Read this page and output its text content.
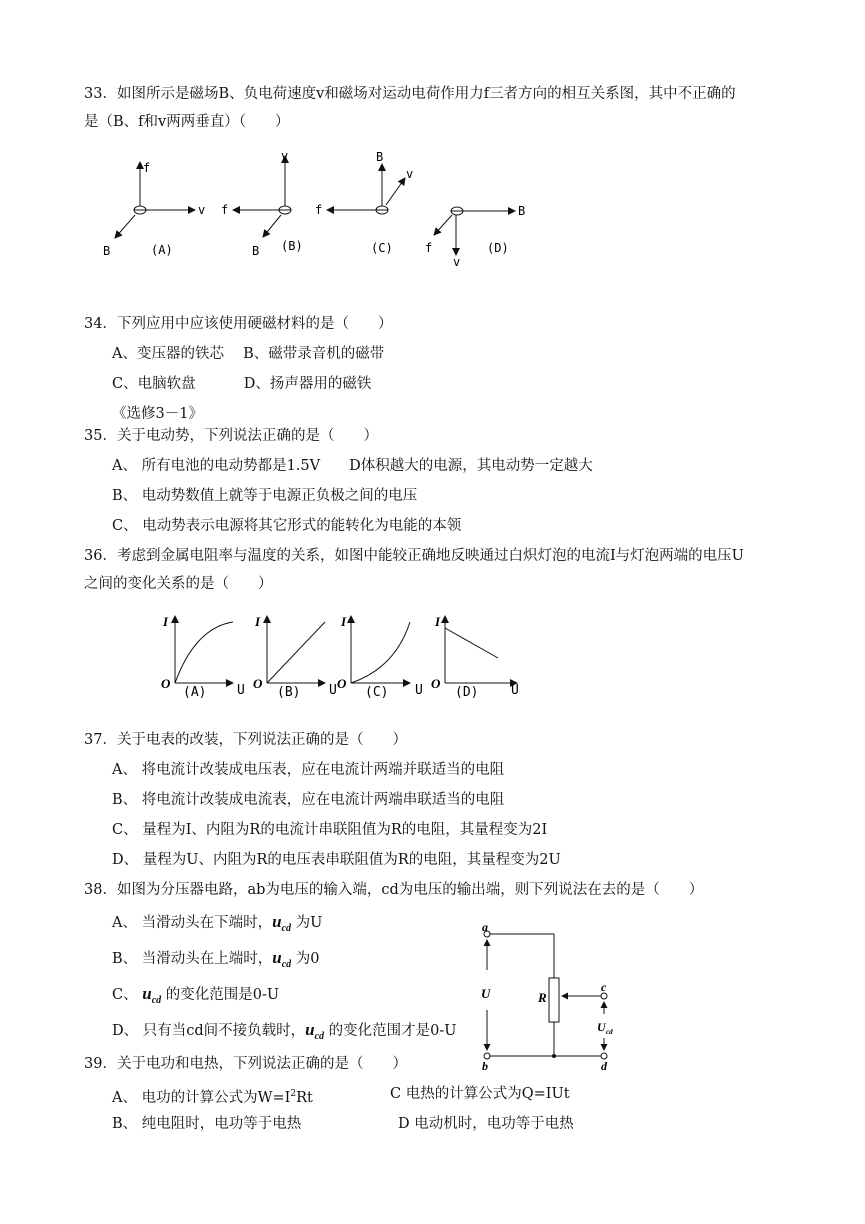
33．如图所示是磁场B、负电荷速度v和磁场对运动电荷作用力f三者方向的相互关系图，其中不正确的
是（B、f和v两两垂直）（　　）
f
v
B	(A)
v
f
B (B)
B
f
v
(C)
B
f
v
(D)
34．下列应用中应该使用硬磁材料的是（　　）
A、变压器的铁芯　 B、磁带录音机的磁带
C、电脑软盘　　　 D、扬声器用的磁铁
《选修3－1》
35．关于电动势，下列说法正确的是（　　）
A、 所有电池的电动势都是1.5V　　D体积越大的电源，其电动势一定越大
B、 电动势数值上就等于电源正负极之间的电压
C、 电动势表示电源将其它形式的能转化为电能的本领
36．考虑到金属电阻率与温度的关系，如图中能较正确地反映通过白炽灯泡的电流I与灯泡两端的电压U
之间的变化关系的是（　　）
I
O	U
(A)
I
O	U
(B)
I
O	U
(C)
I
O	U
(D)
37．关于电表的改装，下列说法正确的是（　　）
A、 将电流计改装成电压表，应在电流计两端并联适当的电阻
B、 将电流计改装成电流表，应在电流计两端串联适当的电阻
C、 量程为I、内阻为R的电流计串联阻值为R的电阻，其量程变为2I
D、 量程为U、内阻为R的电压表串联阻值为R的电阻，其量程变为2U
38．如图为分压器电路，ab为电压的输入端，cd为电压的输出端，则下列说法在去的是（　　）
A、 当滑动头在下端时，$u_{cd}$ 为U
B、 当滑动头在上端时，$u_{cd}$ 为0
C、 $u_{cd}$ 的变化范围是0-U
D、 只有当cd间不接负载时，$u_{cd}$ 的变化范围才是0-U
a
b
c
d
U	R
U cd
39．关于电功和电热，下列说法正确的是（　　）
A、 电功的计算公式为$W=I^2Rt$	C 电热的计算公式为Q=IUt
B、 纯电阻时，电功等于电热	D 电动机时，电功等于电热
